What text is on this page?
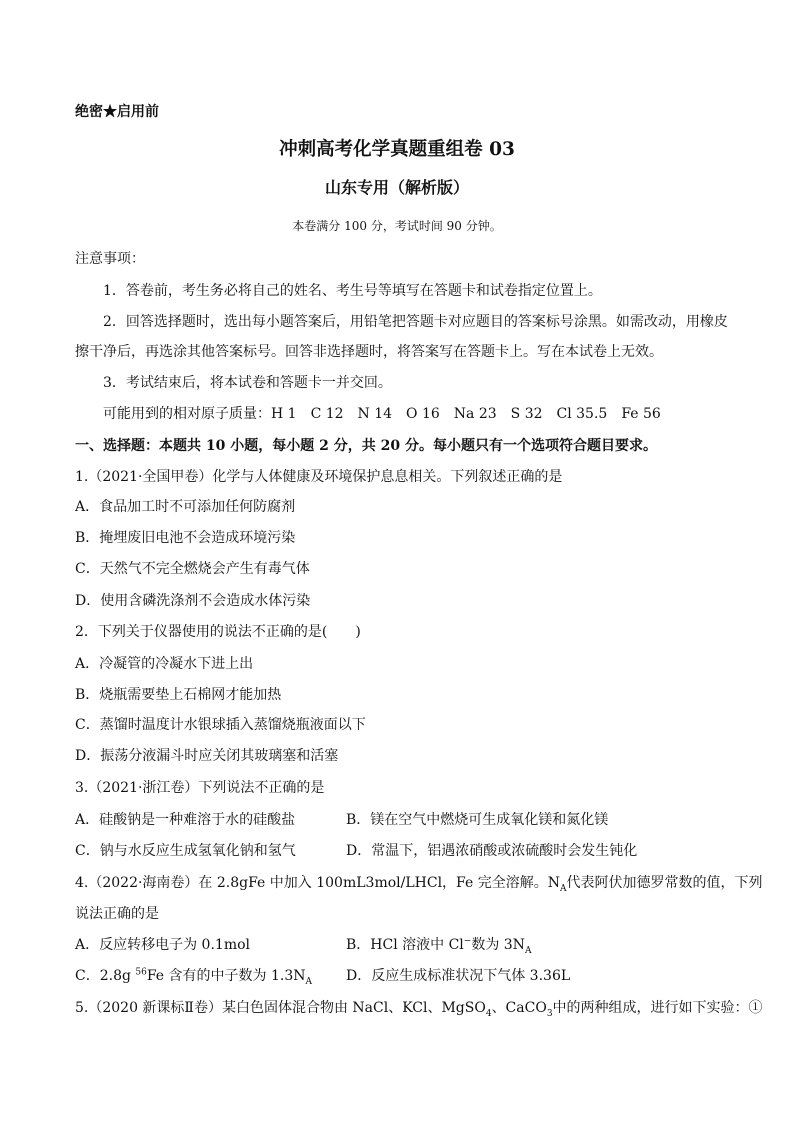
绝密★启用前
冲刺高考化学真题重组卷 03
山东专用（解析版）
本卷满分 100 分，考试时间 90 分钟。
注意事项：
1．答卷前，考生务必将自己的姓名、考生号等填写在答题卡和试卷指定位置上。
2．回答选择题时，选出每小题答案后，用铅笔把答题卡对应题目的答案标号涂黑。如需改动，用橡皮
擦干净后，再选涂其他答案标号。回答非选择题时，将答案写在答题卡上。写在本试卷上无效。
3．考试结束后，将本试卷和答题卡一并交回。
可能用到的相对原子质量：H 1　C 12　N 14　O 16　Na 23　S 32　Cl 35.5　Fe 56
一、选择题：本题共 10 小题，每小题 2 分，共 20 分。每小题只有一个选项符合题目要求。
1.（2021·全国甲卷）化学与人体健康及环境保护息息相关。下列叙述正确的是
A．食品加工时不可添加任何防腐剂
B．掩埋废旧电池不会造成环境污染
C．天然气不完全燃烧会产生有毒气体
D．使用含磷洗涤剂不会造成水体污染
2．下列关于仪器使用的说法不正确的是(　　)
A．冷凝管的冷凝水下进上出
B．烧瓶需要垫上石棉网才能加热
C．蒸馏时温度计水银球插入蒸馏烧瓶液面以下
D．振荡分液漏斗时应关闭其玻璃塞和活塞
3.（2021·浙江卷）下列说法不正确的是
A．硅酸钠是一种难溶于水的硅酸盐	B．镁在空气中燃烧可生成氧化镁和氮化镁
C．钠与水反应生成氢氧化钠和氢气	D．常温下，铝遇浓硝酸或浓硫酸时会发生钝化
4.（2022·海南卷）在 2.8gFe 中加入 100mL3mol/LHCl，Fe 完全溶解。$N_A$代表阿伏加德罗常数的值，下列
说法正确的是
A．反应转移电子为 0.1mol	B．HCl 溶液中 Cl−数为 $3N_A$
C．2.8g $^{56}$Fe 含有的中子数为 $1.3N_A$ D．反应生成标准状况下气体 3.36L
5.（2020 新课标Ⅱ卷）某白色固体混合物由 NaCl、KCl、MgSO$_4$、CaCO$_3$中的两种组成，进行如下实验：①
